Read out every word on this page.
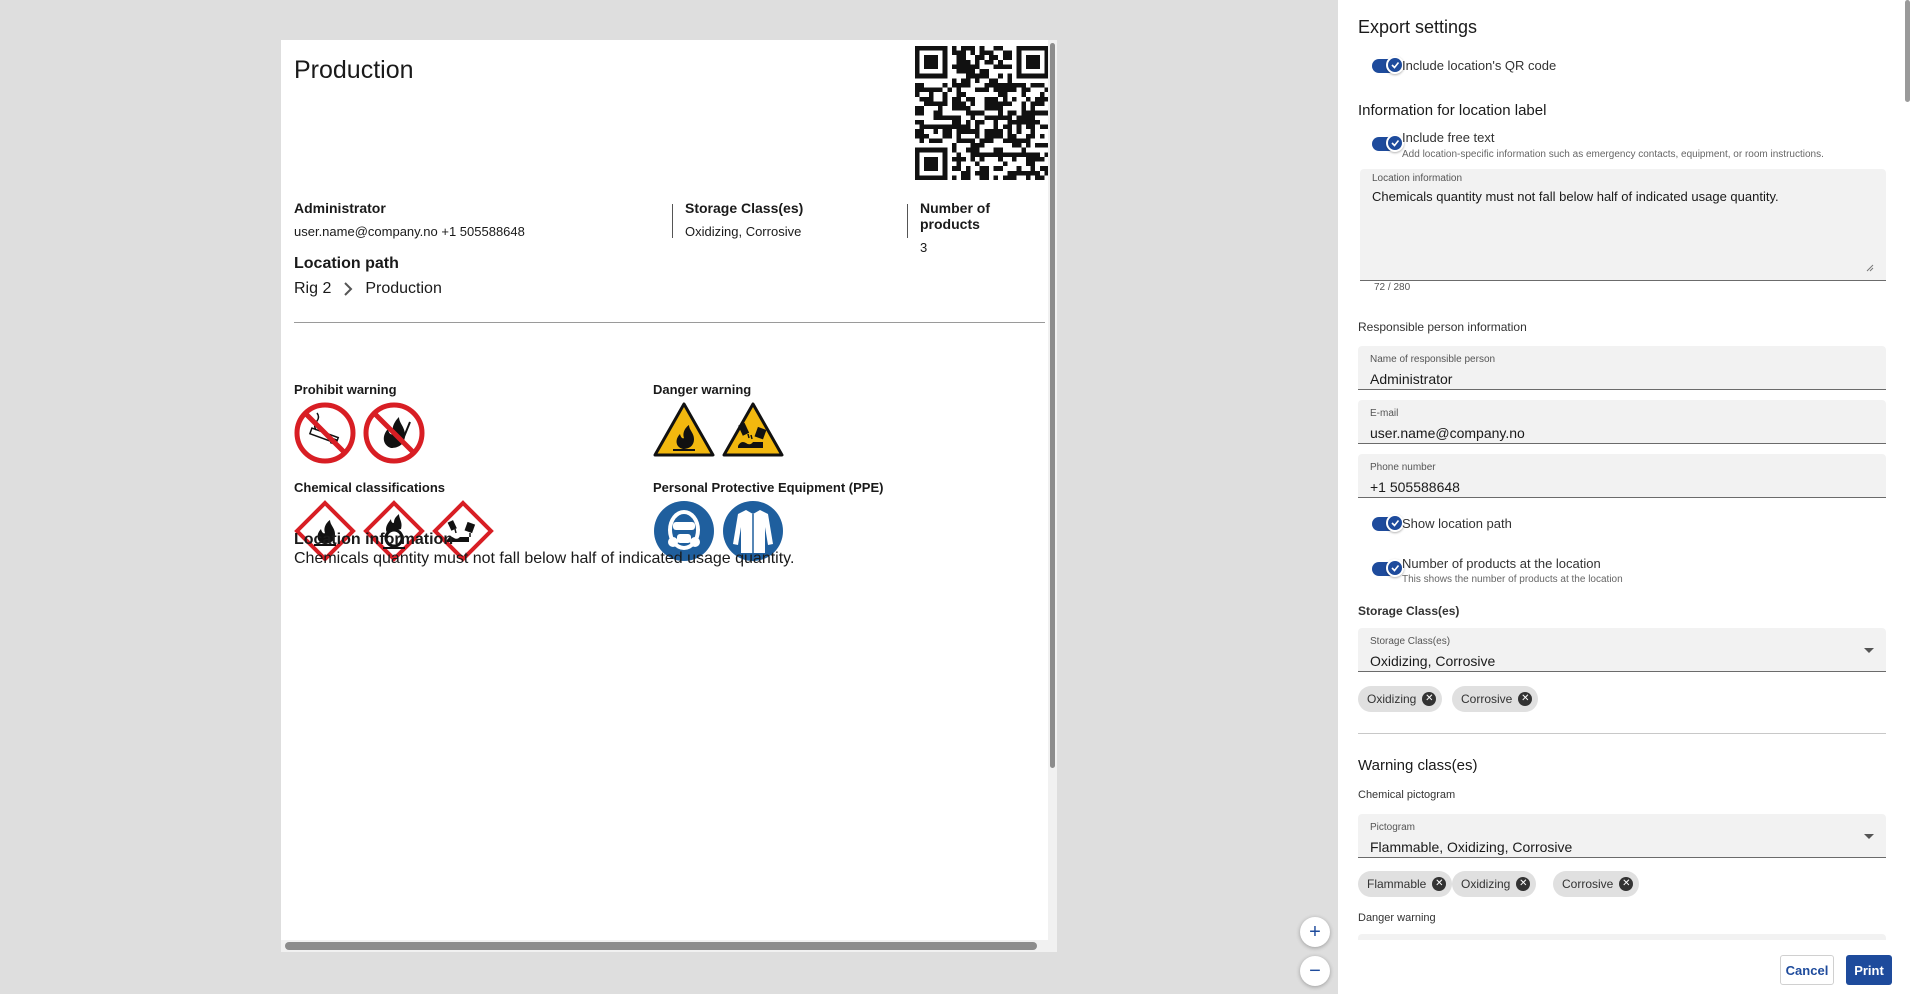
Production
Administrator
user.name@company.no +1 505588648
Storage Class(es)
Oxidizing, Corrosive
Number of products
3
Location path
Rig 2 Production
Prohibit warning	Danger warning
Chemical classifications	Personal Protective Equipment (PPE)
Location information
Chemicals quantity must not fall below half of indicated usage quantity.
+
−
Export settings
Include location's QR code
Information for location label
Include free text
Add location-specific information such as emergency contacts, equipment, or room instructions.
Location information
Chemicals quantity must not fall below half of indicated usage quantity.
72 / 280
Responsible person information
Name of responsible person
Administrator
E-mail
user.name@company.no
Phone number
+1 505588648
Show location path
Number of products at the location
This shows the number of products at the location
Storage Class(es)
Storage Class(es)
Oxidizing, Corrosive
Oxidizing ✕ Corrosive ✕
Warning class(es)
Chemical pictogram
Pictogram
Flammable, Oxidizing, Corrosive
Flammable ✕ Oxidizing ✕	Corrosive ✕
Danger warning
Cancel	Print
